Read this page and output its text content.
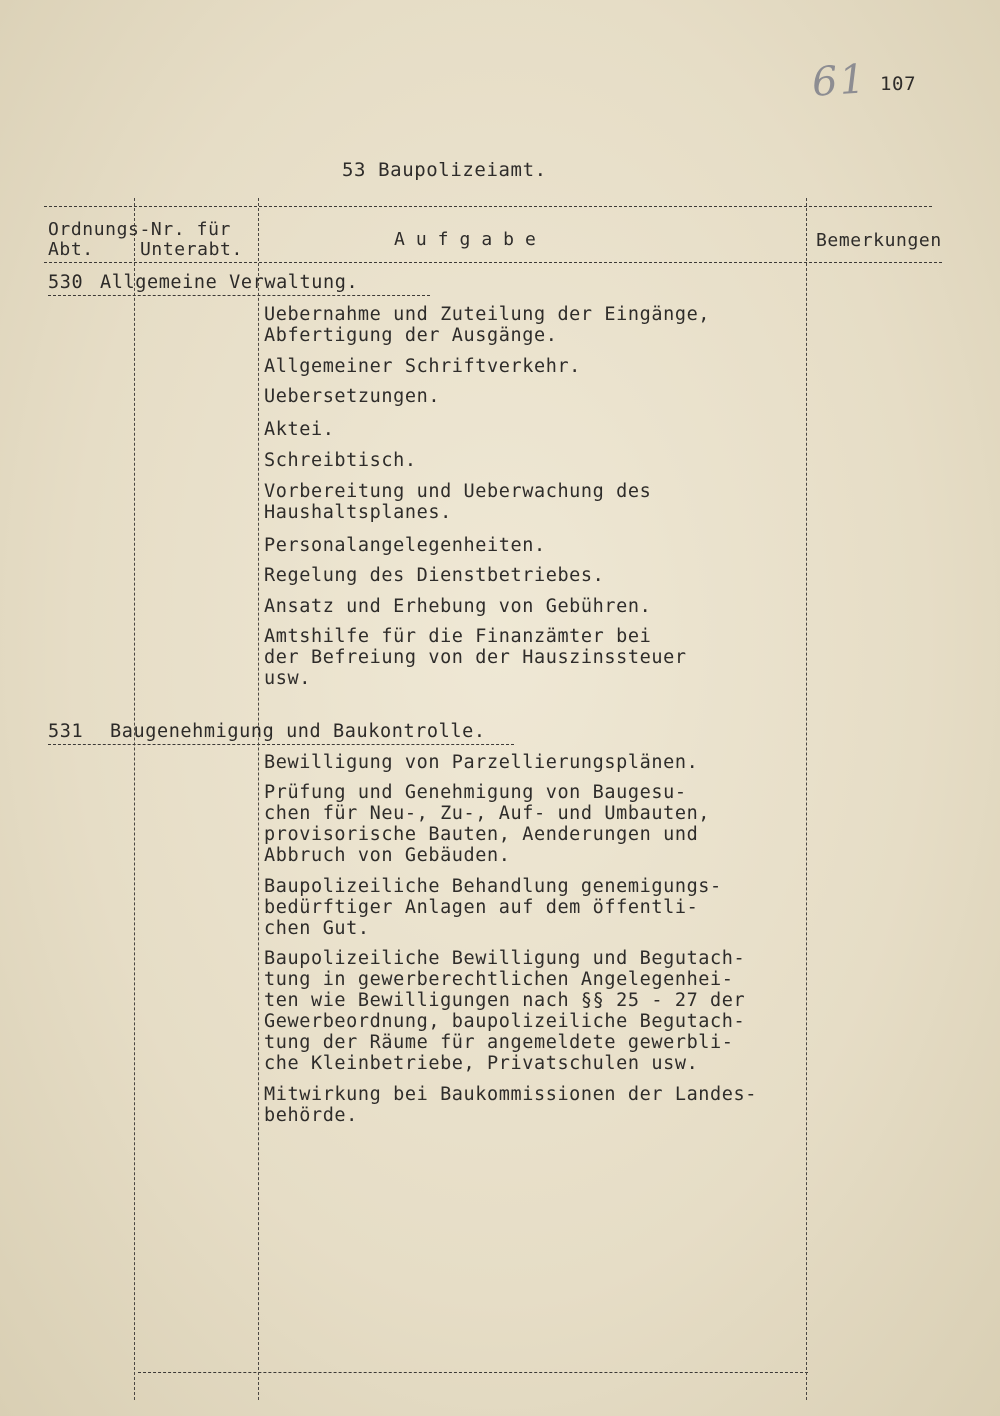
61 107
53 Baupolizeiamt.
Ordnungs-Nr. für
Abt.	Unterabt.	Aufgabe	Bemerkungen
530 Allgemeine Verwaltung.
Uebernahme und Zuteilung der Eingänge,
Abfertigung der Ausgänge.
Allgemeiner Schriftverkehr.
Uebersetzungen.
Aktei.
Schreibtisch.
Vorbereitung und Ueberwachung des
Haushaltsplanes.
Personalangelegenheiten.
Regelung des Dienstbetriebes.
Ansatz und Erhebung von Gebühren.
Amtshilfe für die Finanzämter bei
der Befreiung von der Hauszinssteuer
usw.
531 Baugenehmigung und Baukontrolle.
Bewilligung von Parzellierungsplänen.
Prüfung und Genehmigung von Baugesu-
chen für Neu-, Zu-, Auf- und Umbauten,
provisorische Bauten, Aenderungen und
Abbruch von Gebäuden.
Baupolizeiliche Behandlung genemigungs-
bedürftiger Anlagen auf dem öffentli-
chen Gut.
Baupolizeiliche Bewilligung und Begutach-
tung in gewerberechtlichen Angelegenhei-
ten wie Bewilligungen nach §§ 25 - 27 der
Gewerbeordnung, baupolizeiliche Begutach-
tung der Räume für angemeldete gewerbli-
che Kleinbetriebe, Privatschulen usw.
Mitwirkung bei Baukommissionen der Landes-
behörde.
